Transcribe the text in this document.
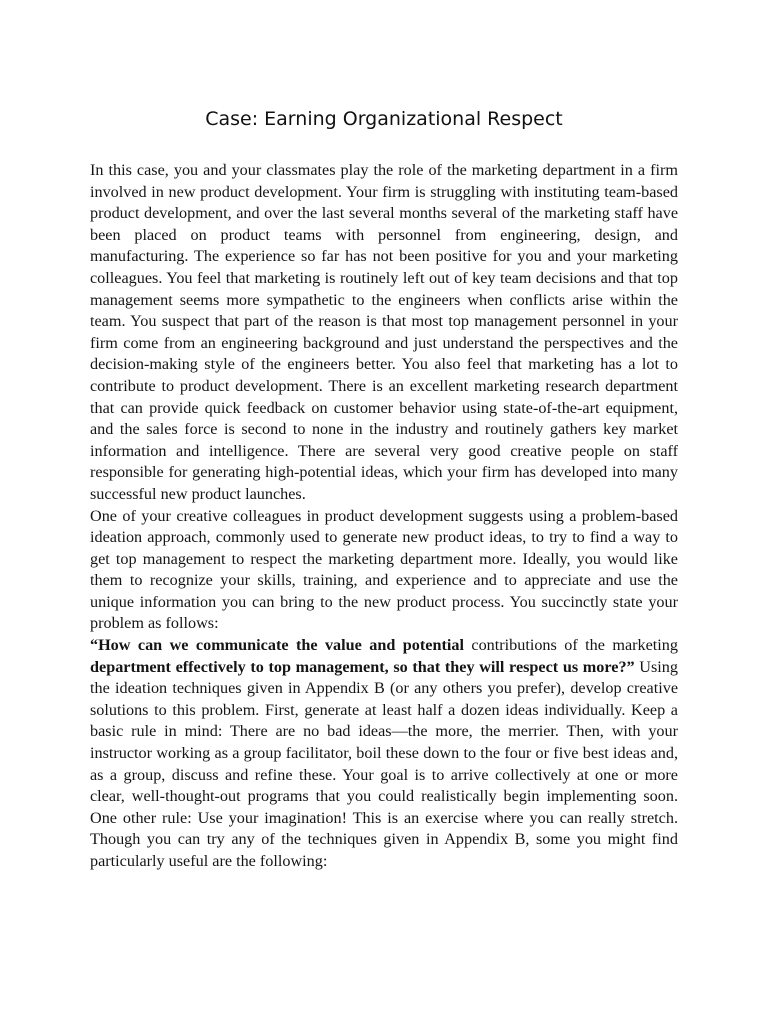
Case: Earning Organizational Respect

In this case, you and your classmates play the role of the marketing department in a firm involved in new product development. Your firm is struggling with instituting team-based product development, and over the last several months several of the marketing staff have been placed on product teams with personnel from engineering, design, and manufacturing. The experience so far has not been positive for you and your marketing colleagues. You feel that marketing is routinely left out of key team decisions and that top management seems more sympathetic to the engineers when conflicts arise within the team. You suspect that part of the reason is that most top management personnel in your firm come from an engineering background and just understand the perspectives and the decision-making style of the engineers better. You also feel that marketing has a lot to contribute to product development. There is an excellent marketing research department that can provide quick feedback on customer behavior using state-of-the-art equipment, and the sales force is second to none in the industry and routinely gathers key market information and intelligence. There are several very good creative people on staff responsible for generating high-potential ideas, which your firm has developed into many successful new product launches.

One of your creative colleagues in product development suggests using a problem-based ideation approach, commonly used to generate new product ideas, to try to find a way to get top management to respect the marketing department more. Ideally, you would like them to recognize your skills, training, and experience and to appreciate and use the unique information you can bring to the new product process. You succinctly state your problem as follows:

“How can we communicate the value and potential contributions of the marketing department effectively to top management, so that they will respect us more?” Using the ideation techniques given in Appendix B (or any others you prefer), develop creative solutions to this problem. First, generate at least half a dozen ideas individually. Keep a basic rule in mind: There are no bad ideas—the more, the merrier. Then, with your instructor working as a group facilitator, boil these down to the four or five best ideas and, as a group, discuss and refine these. Your goal is to arrive collectively at one or more clear, well-thought-out programs that you could realistically begin implementing soon. One other rule: Use your imagination! This is an exercise where you can really stretch. Though you can try any of the techniques given in Appendix B, some you might find particularly useful are the following:
